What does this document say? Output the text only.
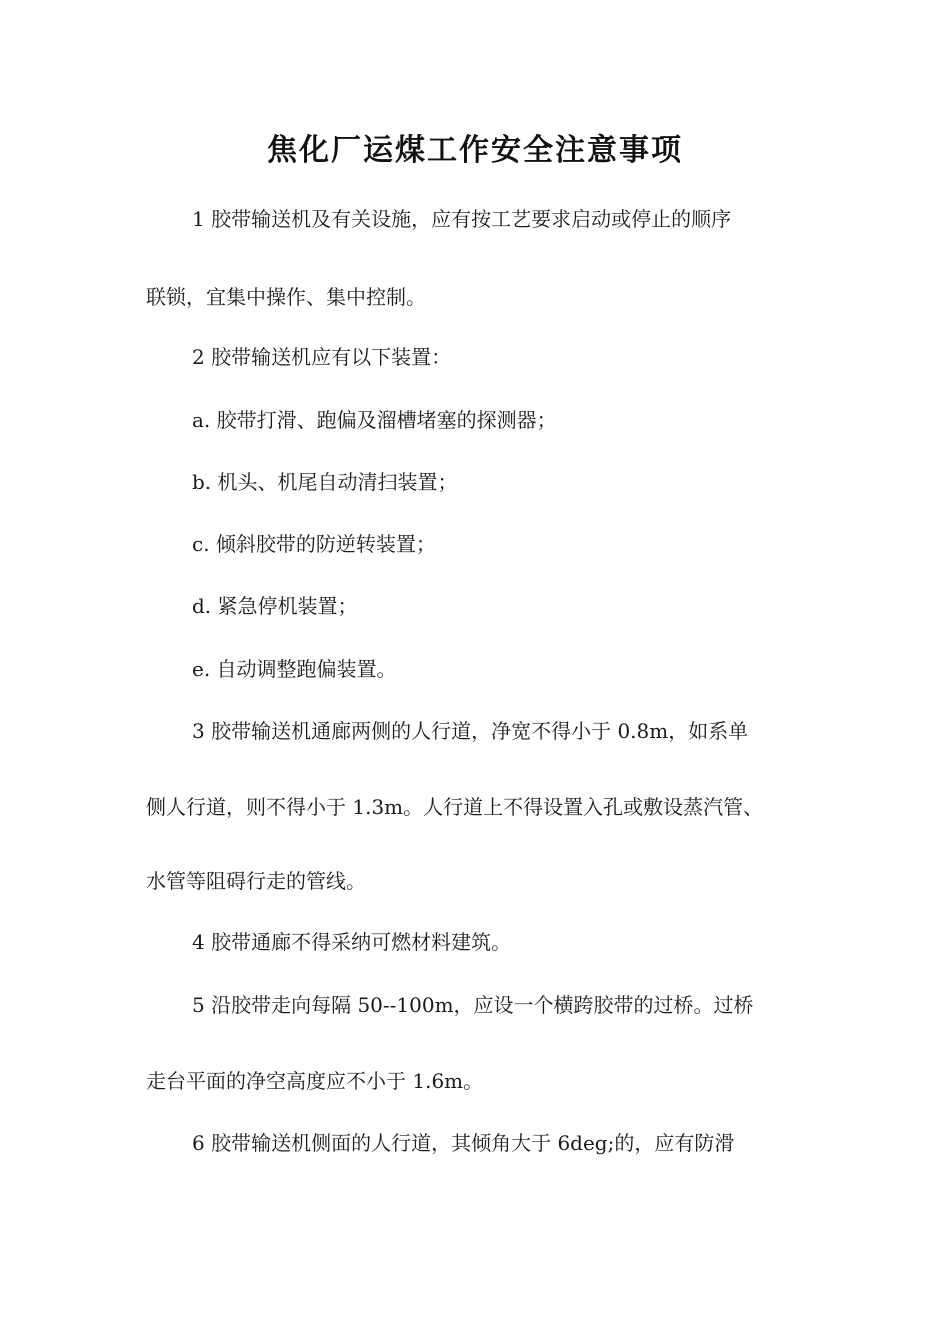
焦化厂运煤工作安全注意事项
1 胶带输送机及有关设施，应有按工艺要求启动或停止的顺序
联锁，宜集中操作、集中控制。
2 胶带输送机应有以下装置：
a. 胶带打滑、跑偏及溜槽堵塞的探测器；
b. 机头、机尾自动清扫装置；
c. 倾斜胶带的防逆转装置；
d. 紧急停机装置；
e. 自动调整跑偏装置。
3 胶带输送机通廊两侧的人行道，净宽不得小于 0.8m，如系单
侧人行道，则不得小于 1.3m。人行道上不得设置入孔或敷设蒸汽管、
水管等阻碍行走的管线。
4 胶带通廊不得采纳可燃材料建筑。
5 沿胶带走向每隔 50--100m，应设一个横跨胶带的过桥。过桥
走台平面的净空高度应不小于 1.6m。
6 胶带输送机侧面的人行道，其倾角大于 6deg;的，应有防滑
